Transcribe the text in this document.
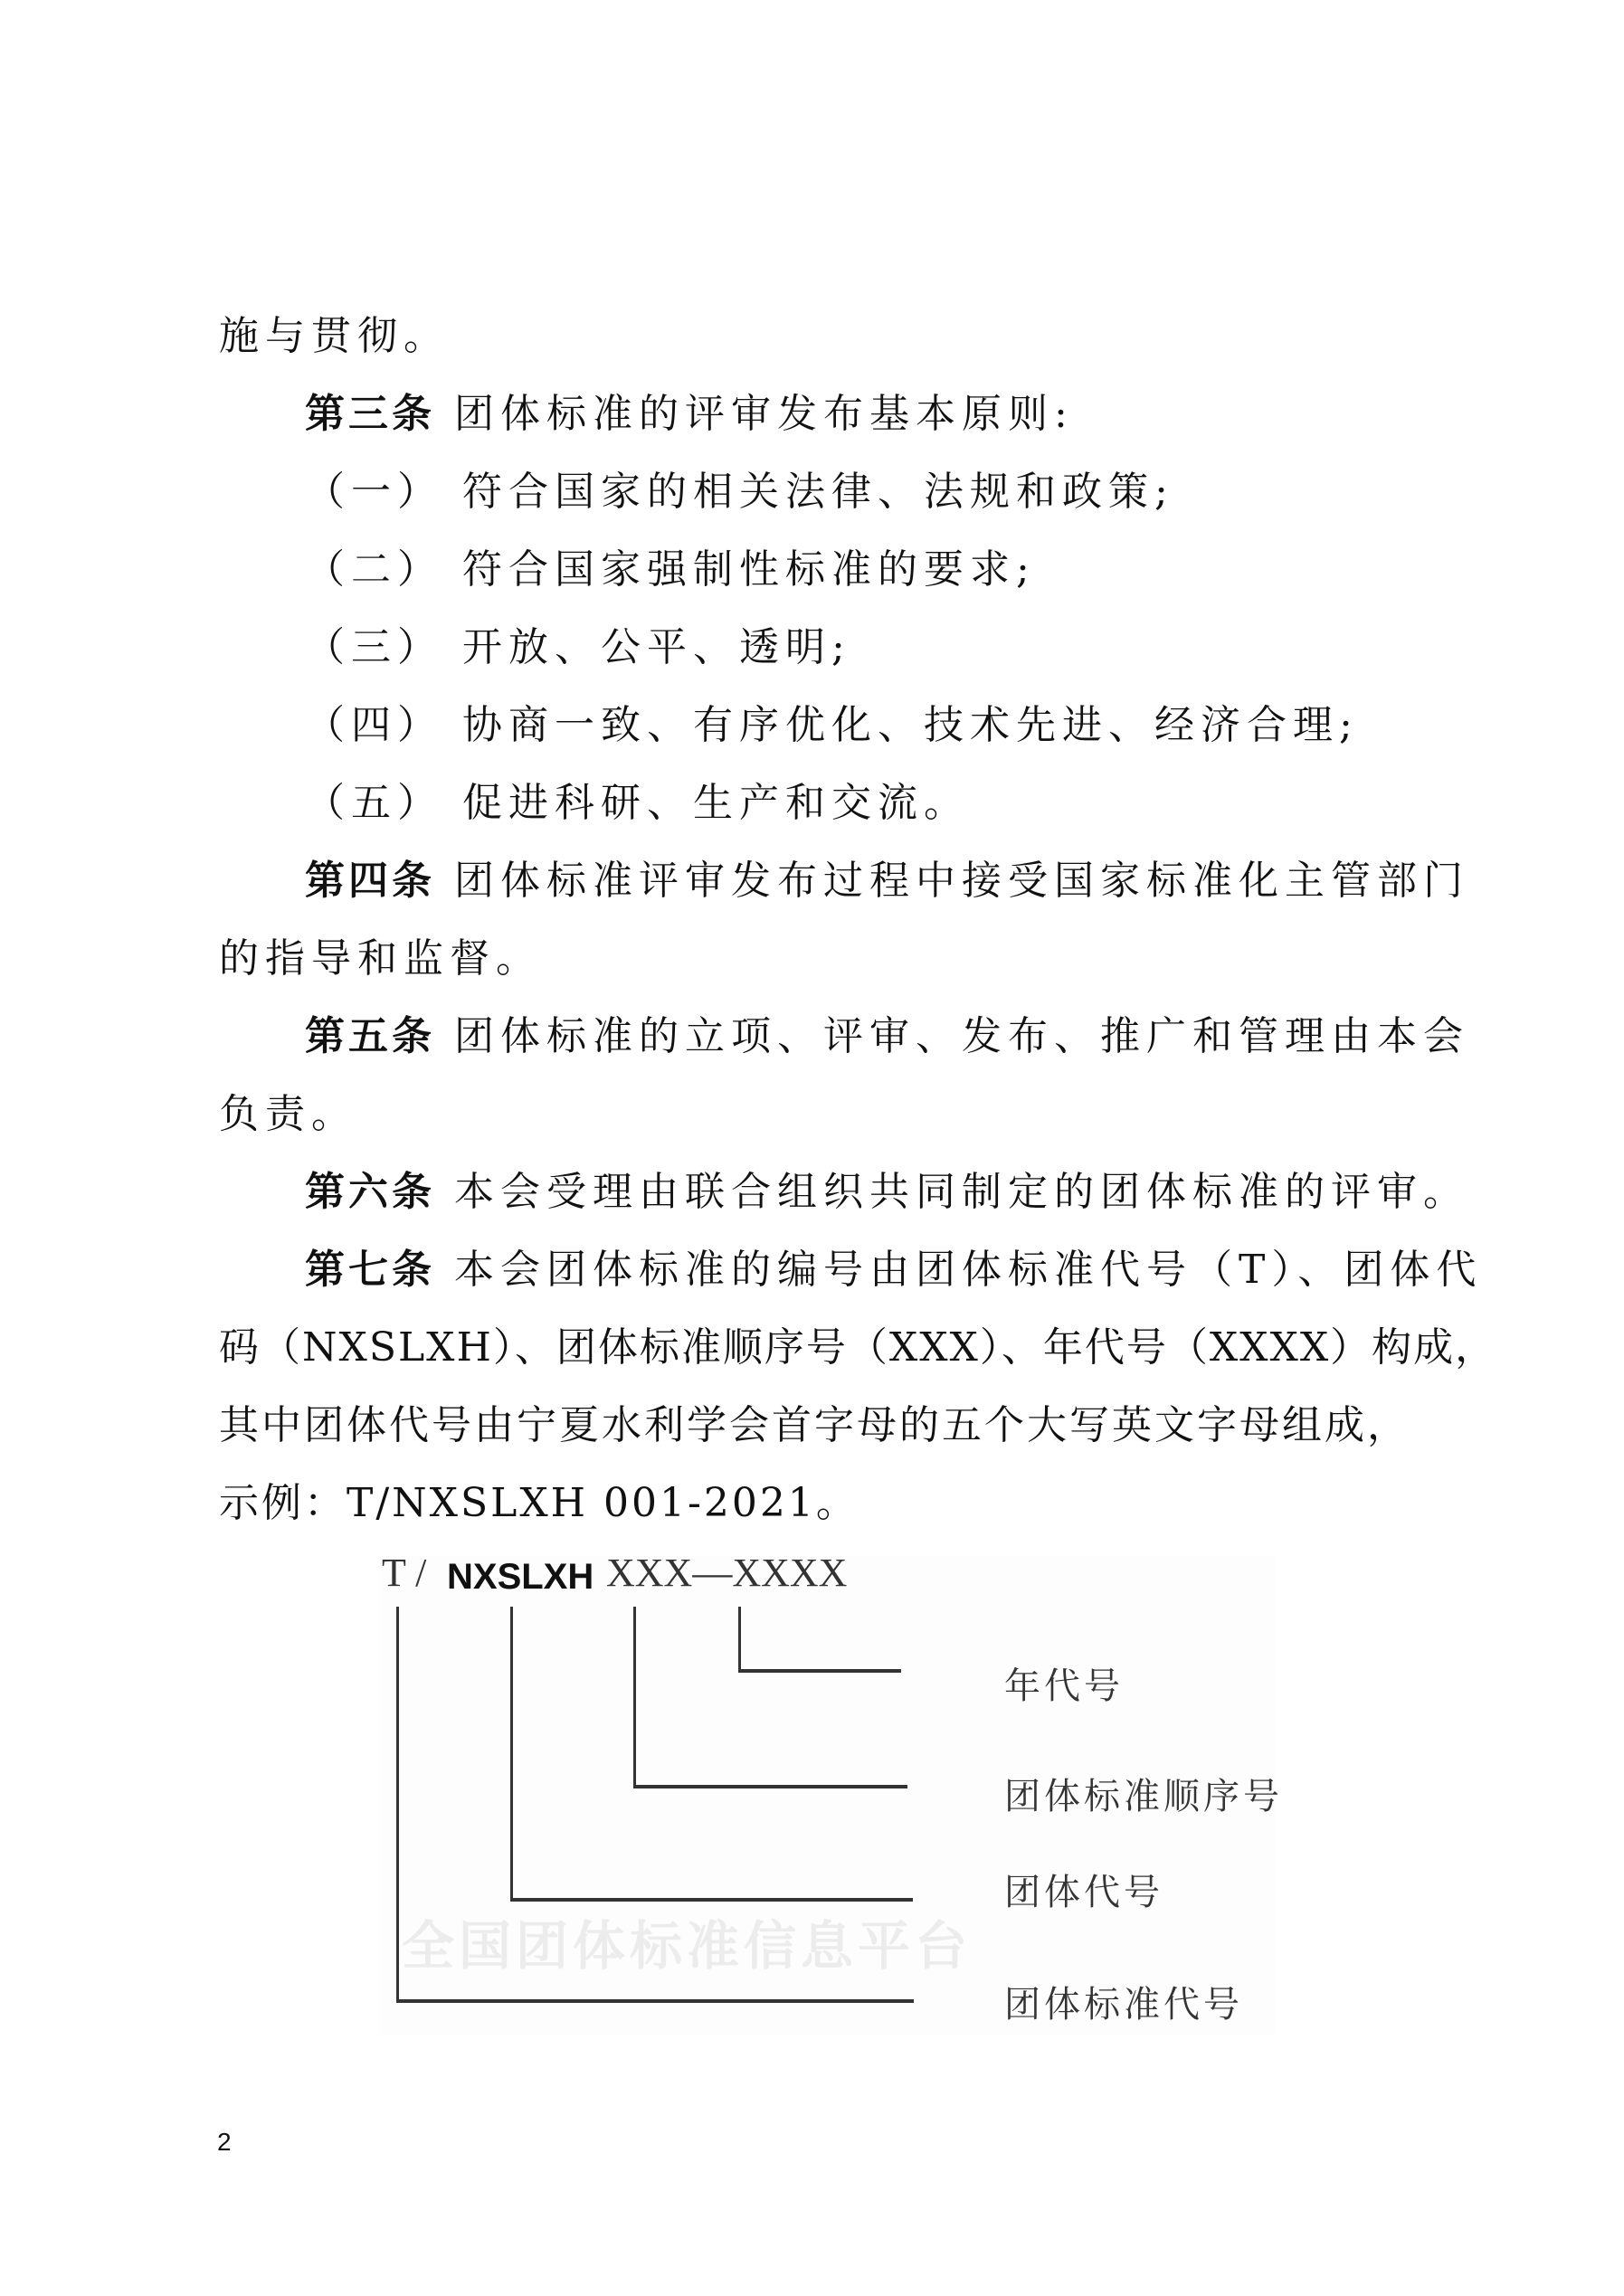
施与贯彻。
第三条 团体标准的评审发布基本原则:
（一） 符合国家的相关法律、法规和政策;
（二） 符合国家强制性标准的要求;
（三） 开放、公平、透明;
（四） 协商一致、有序优化、技术先进、经济合理;
（五） 促进科研、生产和交流。
第四条 团体标准评审发布过程中接受国家标准化主管部门
的指导和监督。
第五条 团体标准的立项、评审、发布、推广和管理由本会
负责。
第六条 本会受理由联合组织共同制定的团体标准的评审。
第七条 本会团体标准的编号由团体标准代号（T）、团体代
码（NXSLXH）、团体标准顺序号（XXX）、年代号（XXXX）构成，
其中团体代号由宁夏水利学会首字母的五个大写英文字母组成，
示例：T/NXSLXH 001-2021。
全国团体标准信息平台
T / NXSLXH XXX—XXXX
年代号
团体标准顺序号
团体代号
团体标准代号
2
